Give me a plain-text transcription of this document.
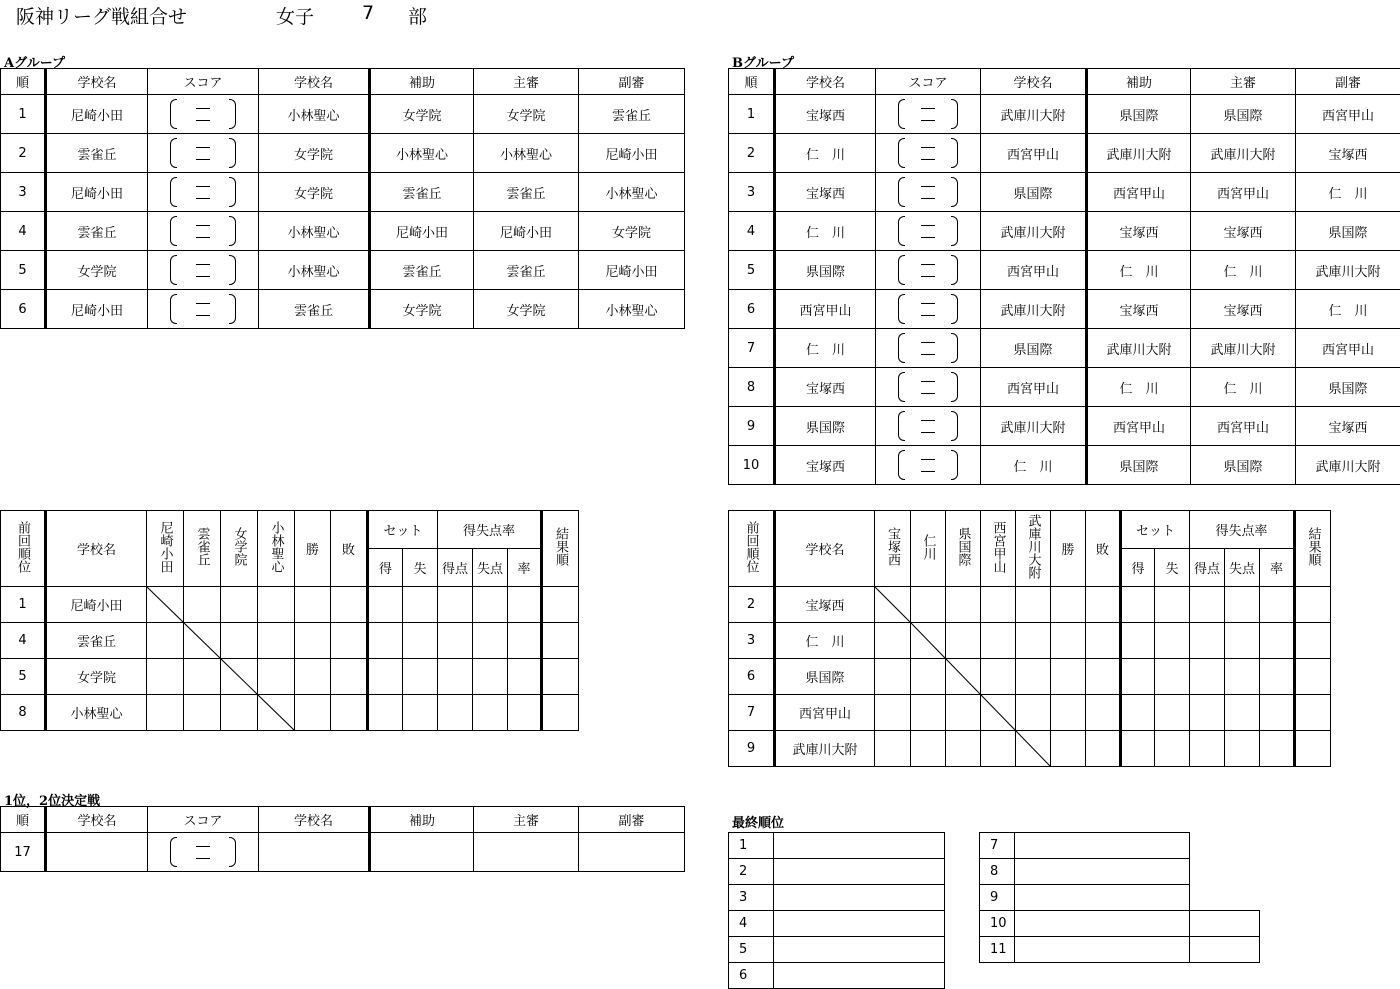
阪神リーグ戦組合せ	女子	7 部
Aグループ	Bグループ
順	学校名	スコア	学校名	補助	主審	副審
1	尼崎小田		小林聖心	女学院	女学院	雲雀丘
2	雲雀丘		女学院	小林聖心	小林聖心	尼崎小田
3	尼崎小田		女学院	雲雀丘	雲雀丘	小林聖心
4	雲雀丘		小林聖心	尼崎小田	尼崎小田	女学院
5	女学院		小林聖心	雲雀丘	雲雀丘	尼崎小田
6	尼崎小田		雲雀丘	女学院	女学院	小林聖心
順	学校名	スコア	学校名	補助	主審	副審
1	宝塚西		武庫川大附	県国際	県国際	西宮甲山
2	仁　川		西宮甲山	武庫川大附	武庫川大附	宝塚西
3	宝塚西		県国際	西宮甲山	西宮甲山	仁　川
4	仁　川		武庫川大附	宝塚西	宝塚西	県国際
5	県国際		西宮甲山	仁　川	仁　川	武庫川大附
6	西宮甲山		武庫川大附	宝塚西	宝塚西	仁　川
7	仁　川		県国際	武庫川大附	武庫川大附	西宮甲山
8	宝塚西		西宮甲山	仁　川	仁　川	県国際
9	県国際		武庫川大附	西宮甲山	西宮甲山	宝塚西
10	宝塚西		仁　川	県国際	県国際	武庫川大附
前回順位	学校名	尼崎小田	雲雀丘	女学院	小林聖心	勝	敗	セット		得失点率			結果順
								得	失	得点	失点	率	
1	尼崎小田	

4	雲雀丘		

5	女学院			

8	小林聖心				

前回順位	学校名	宝塚西	仁川	県国際	西宮甲山	武庫川大附	勝	敗	セット		得失点率			結果順
									得	失	得点	失点	率	
2	宝塚西	

3	仁　川		

6	県国際			

7	西宮甲山				

9	武庫川大附					

1位，2位決定戦
順	学校名	スコア	学校名	補助	主審	副審
17		

最終順位
1	
2	
3	
4	
5	
6	
7		
8		
9		
10		
11		
